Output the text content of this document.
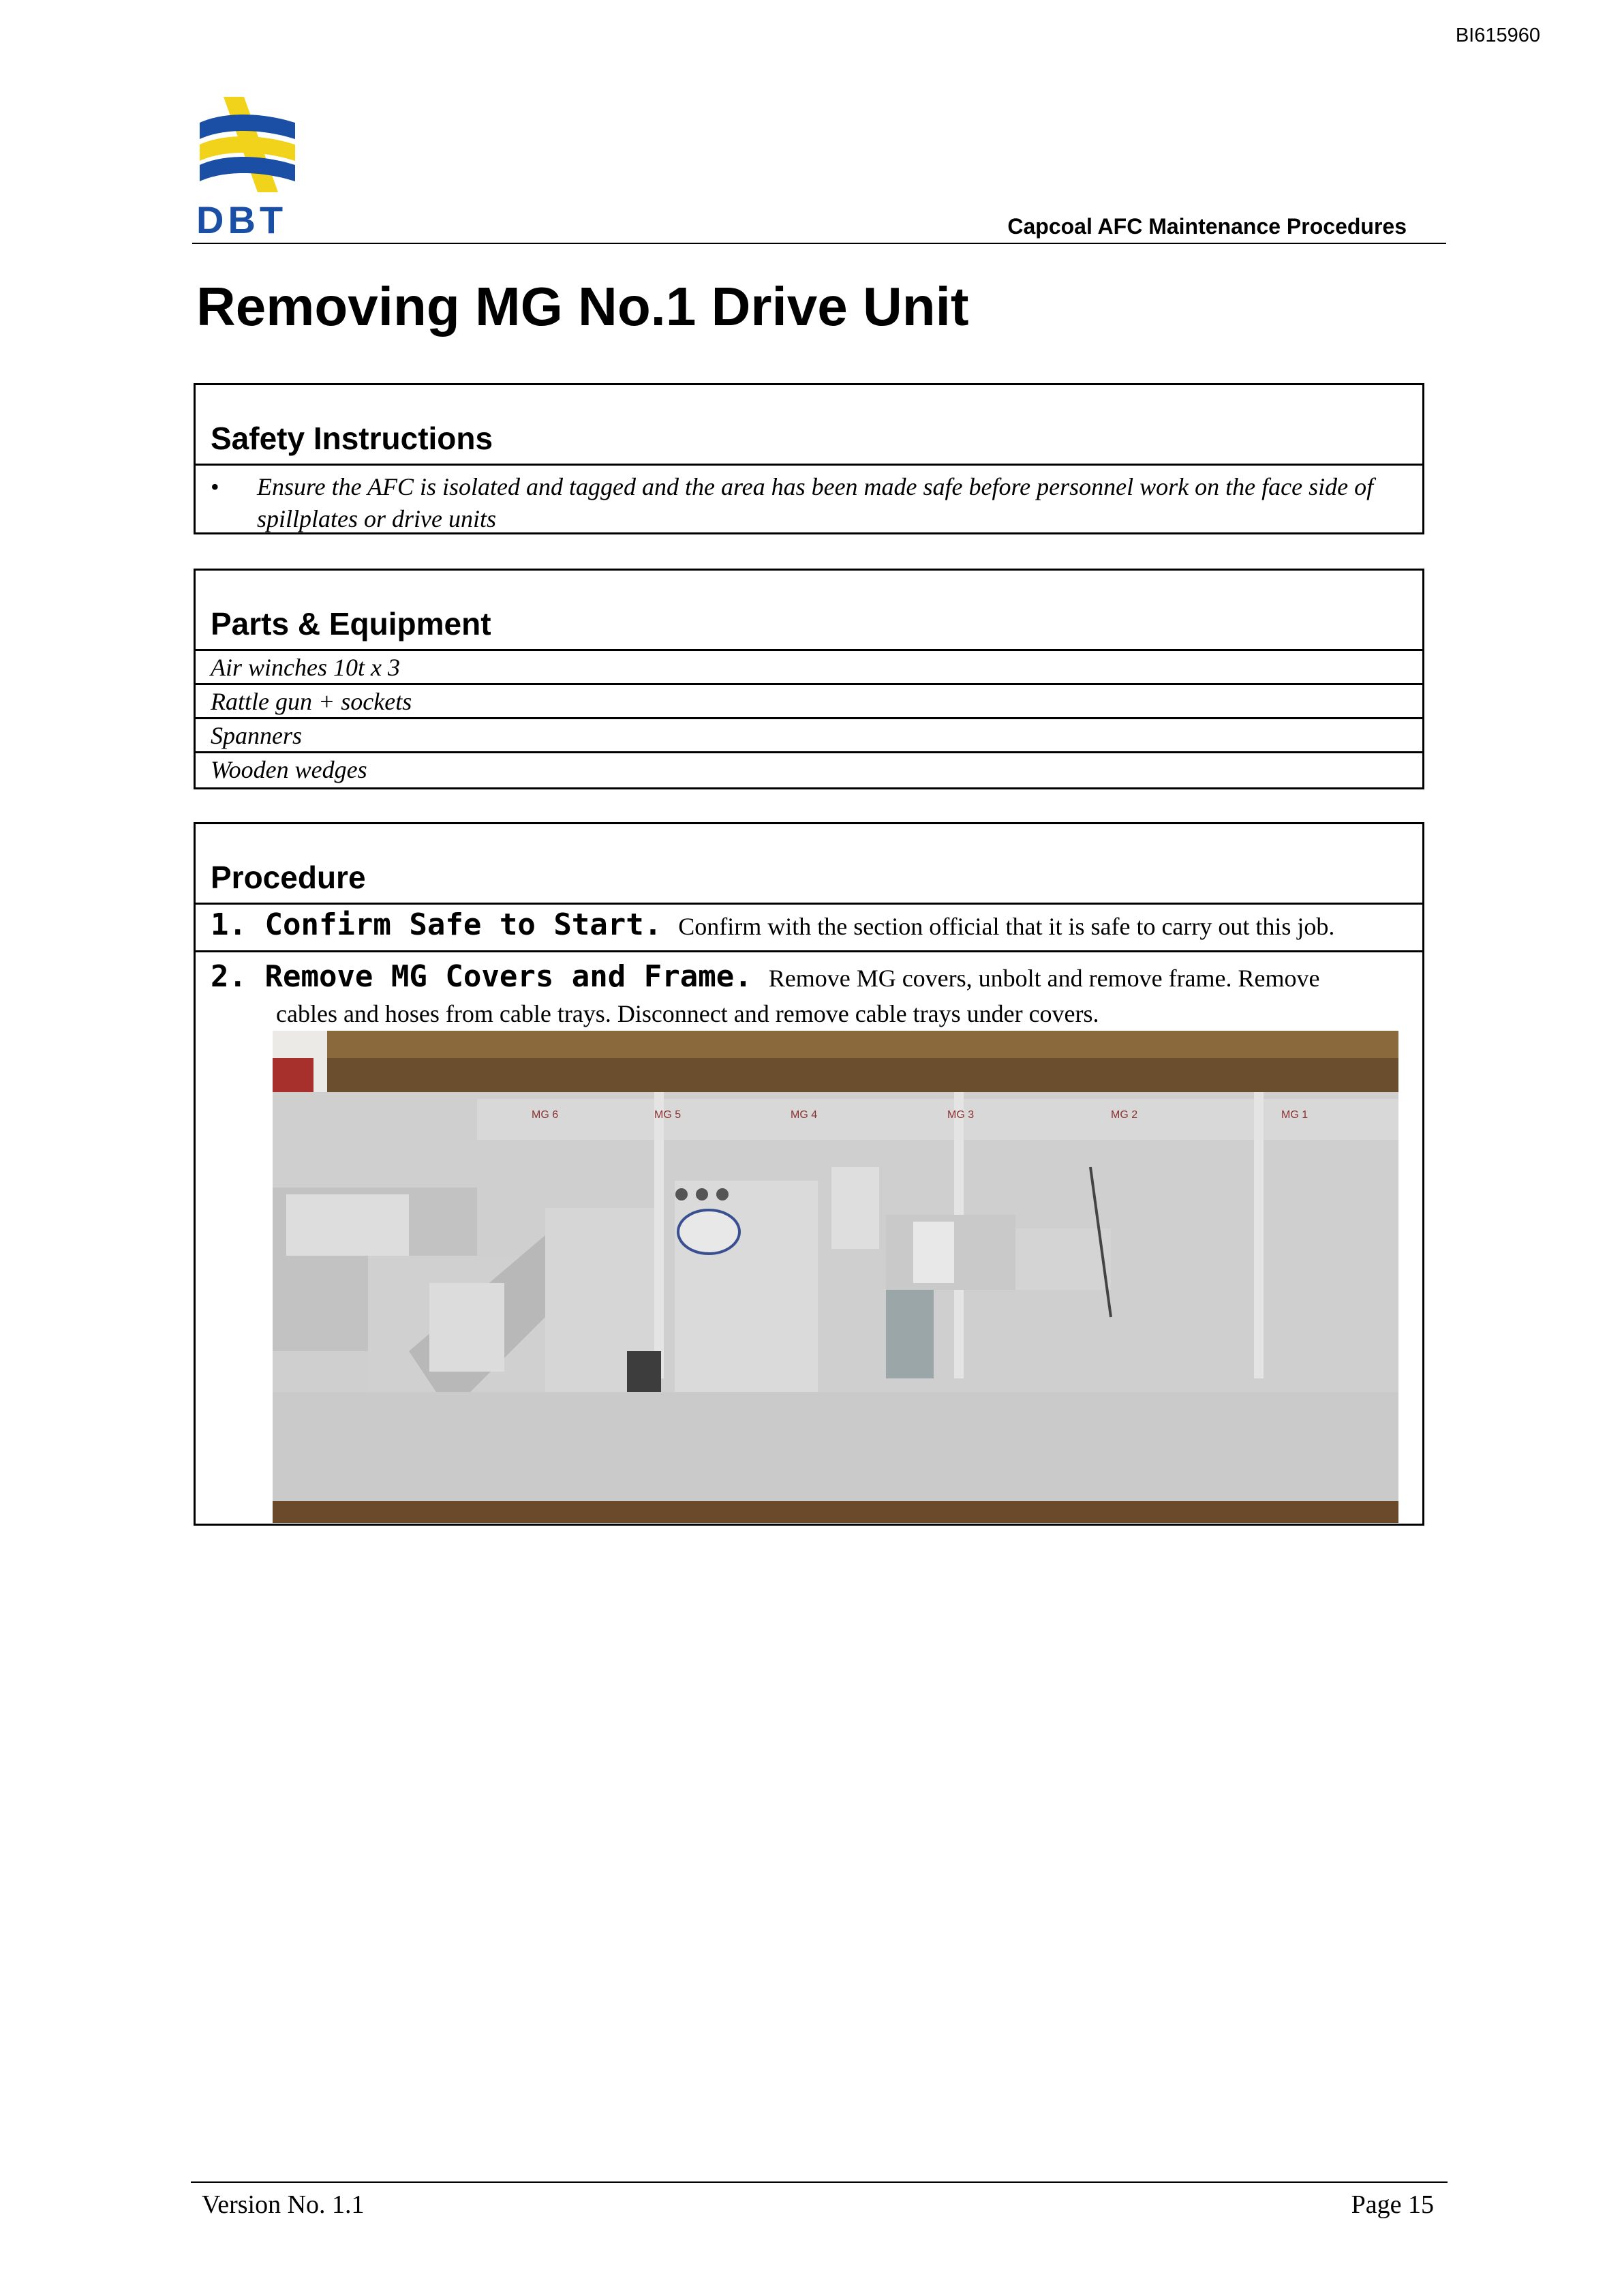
BI615960
DBT	Capcoal AFC Maintenance Procedures
Removing MG No.1 Drive Unit
Safety Instructions
• Ensure the AFC is isolated and tagged and the area has been made safe before personnel work on the face side of spillplates or drive units
Parts & Equipment
Air winches 10t x 3
Rattle gun + sockets
Spanners
Wooden wedges
Procedure
1. Confirm Safe to Start. Confirm with the section official that it is safe to carry out this job.
2. Remove MG Covers and Frame. Remove MG covers, unbolt and remove frame. Remove
cables and hoses from cable trays. Disconnect and remove cable trays under covers.
MG 6	MG 5	MG 4	MG 3	MG 2	MG 1
Version No. 1.1	Page 15
